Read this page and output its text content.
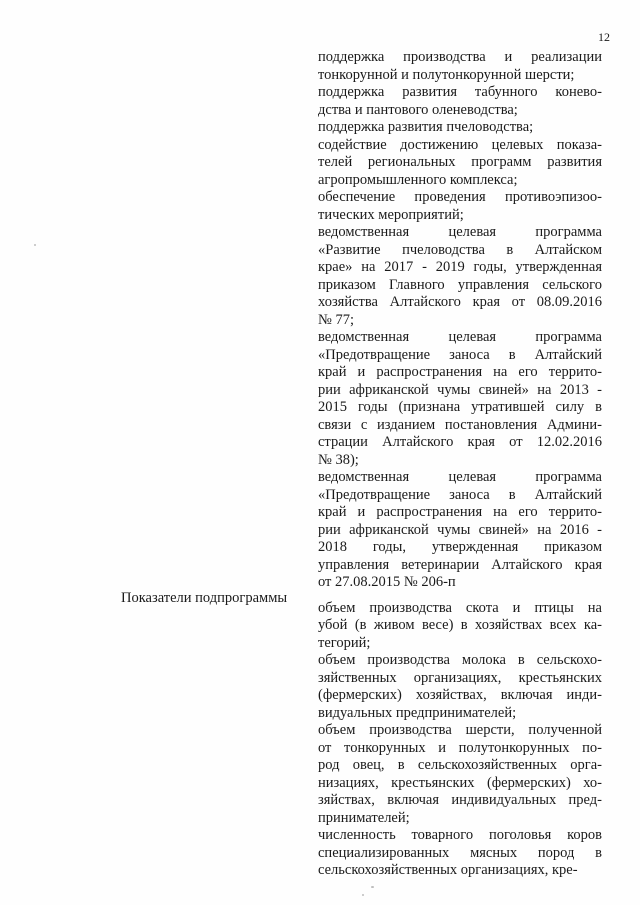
12
Показатели подпрограммы
поддержка производства и реализации
тонкорунной и полутонкорунной шерсти;
поддержка развития табунного конево-
дства и пантового оленеводства;
поддержка развития пчеловодства;
содействие достижению целевых показа-
телей региональных программ развития
агропромышленного комплекса;
обеспечение проведения противоэпизоо-
тических мероприятий;
ведомственная целевая программа
«Развитие пчеловодства в Алтайском
крае» на 2017 - 2019 годы, утвержденная
приказом Главного управления сельского
хозяйства Алтайского края от 08.09.2016
№ 77;
ведомственная целевая программа
«Предотвращение заноса в Алтайский
край и распространения на его террито-
рии африканской чумы свиней» на 2013 -
2015 годы (признана утратившей силу в
связи с изданием постановления Админи-
страции Алтайского края от 12.02.2016
№ 38);
ведомственная целевая программа
«Предотвращение заноса в Алтайский
край и распространения на его террито-
рии африканской чумы свиней» на 2016 -
2018 годы, утвержденная приказом
управления ветеринарии Алтайского края
от 27.08.2015 № 206-п
объем производства скота и птицы на
убой (в живом весе) в хозяйствах всех ка-
тегорий;
объем производства молока в сельскохо-
зяйственных организациях, крестьянских
(фермерских) хозяйствах, включая инди-
видуальных предпринимателей;
объем производства шерсти, полученной
от тонкорунных и полутонкорунных по-
род овец, в сельскохозяйственных орга-
низациях, крестьянских (фермерских) хо-
зяйствах, включая индивидуальных пред-
принимателей;
численность товарного поголовья коров
специализированных мясных пород в
сельскохозяйственных организациях, кре-
